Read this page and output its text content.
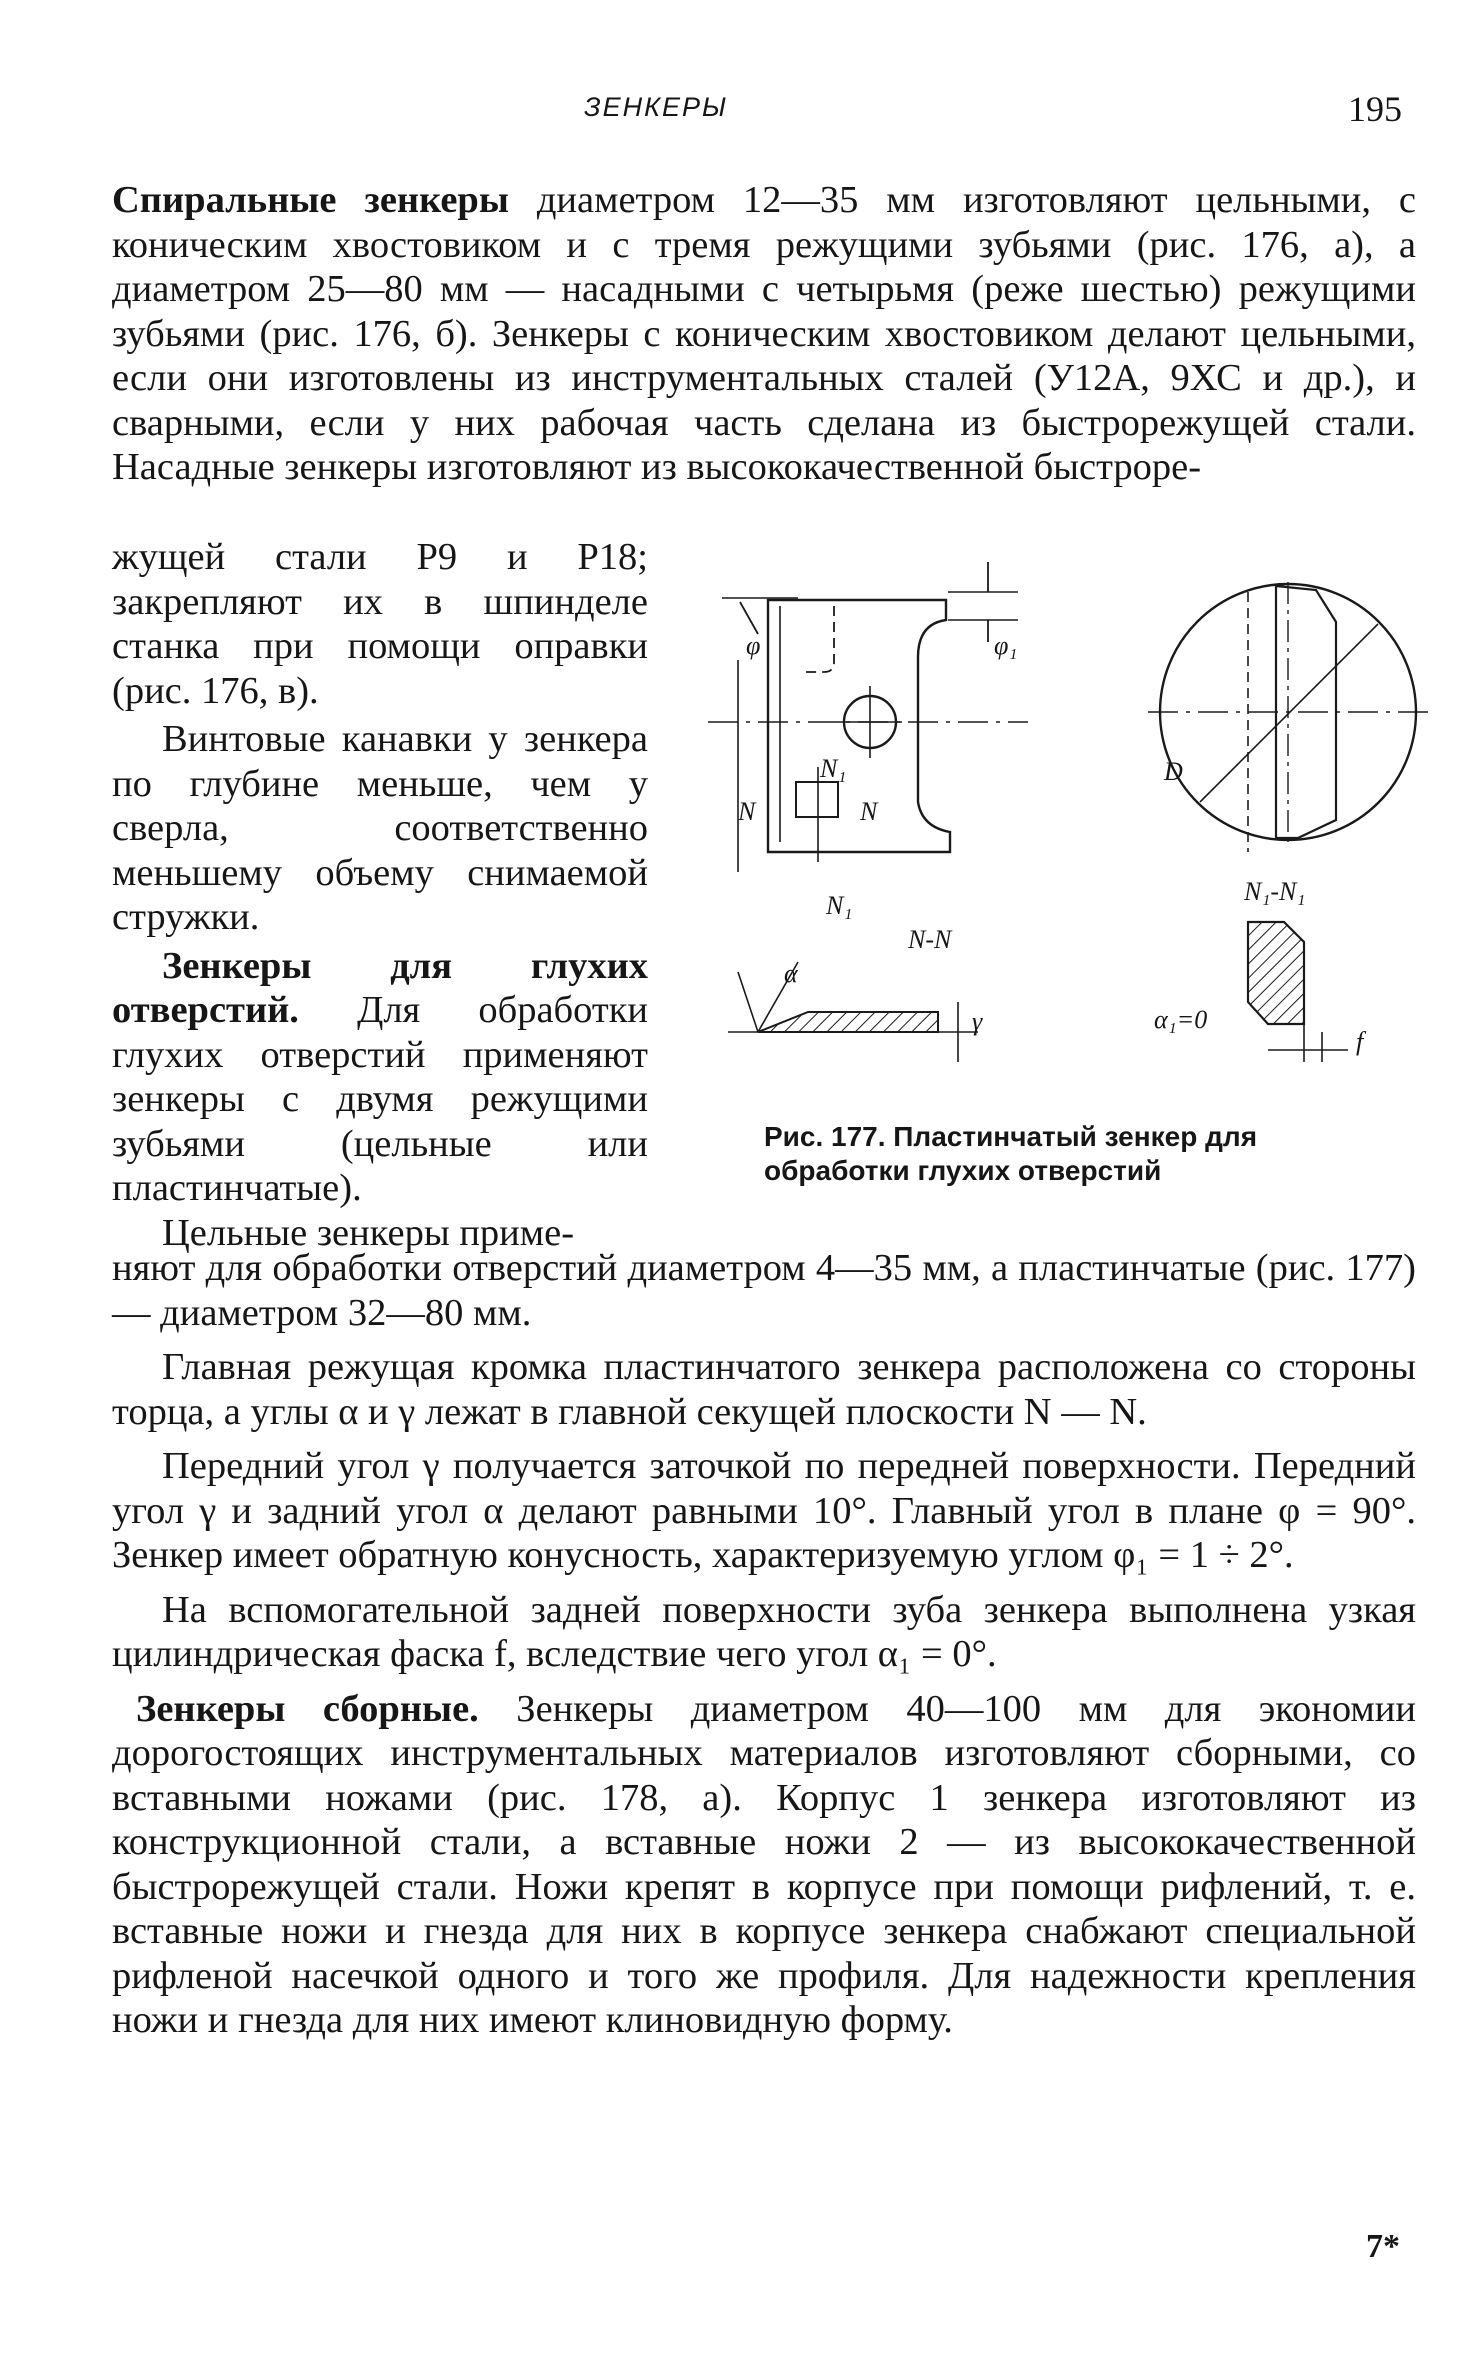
ЗЕНКЕРЫ	195

Спиральные зенкеры диаметром 12—35 мм изготовляют цельными, с коническим хвостовиком и с тремя режущими зубьями (рис. 176, а), а диаметром 25—80 мм — насадными с четырьмя (реже шестью) режущими зубьями (рис. 176, б). Зенкеры с коническим хвостовиком делают цельными, если они изготовлены из инструментальных сталей (У12А, 9ХС и др.), и сварными, если у них рабочая часть сделана из быстрорежущей стали. Насадные зенкеры изготовляют из высококачественной быстроре-

жущей стали Р9 и Р18; закрепляют их в шпинделе станка при помощи оправки (рис. 176, в).

Винтовые канавки у зенкера по глубине меньше, чем у сверла, соответственно меньшему объему снимаемой стружки.

Зенкеры для глухих отверстий. Для обработки глухих отверстий применяют зенкеры с двумя режущими зубьями (цельные или пластинчатые).

Цельные зенкеры приме-

φ	φ₁
N₁
N	N
N₁
D
N-N
N₁-N₁
α
γ	α₁=0
f

Рис. 177. Пластинчатый зенкер для обработки глухих отверстий

няют для обработки отверстий диаметром 4—35 мм, а пластинчатые (рис. 177) — диаметром 32—80 мм.

Главная режущая кромка пластинчатого зенкера расположена со стороны торца, а углы α и γ лежат в главной секущей плоскости N — N.

Передний угол γ получается заточкой по передней поверхности. Передний угол γ и задний угол α делают равными 10°. Главный угол в плане φ = 90°. Зенкер имеет обратную конусность, характеризуемую углом φ₁ = 1 ÷ 2°.

На вспомогательной задней поверхности зуба зенкера выполнена узкая цилиндрическая фаска f, вследствие чего угол α₁ = 0°.

Зенкеры сборные. Зенкеры диаметром 40—100 мм для экономии дорогостоящих инструментальных материалов изготовляют сборными, со вставными ножами (рис. 178, а). Корпус 1 зенкера изготовляют из конструкционной стали, а вставные ножи 2 — из высококачественной быстрорежущей стали. Ножи крепят в корпусе при помощи рифлений, т. е. вставные ножи и гнезда для них в корпусе зенкера снабжают специальной рифленой насечкой одного и того же профиля. Для надежности крепления ножи и гнезда для них имеют клиновидную форму.

7*
